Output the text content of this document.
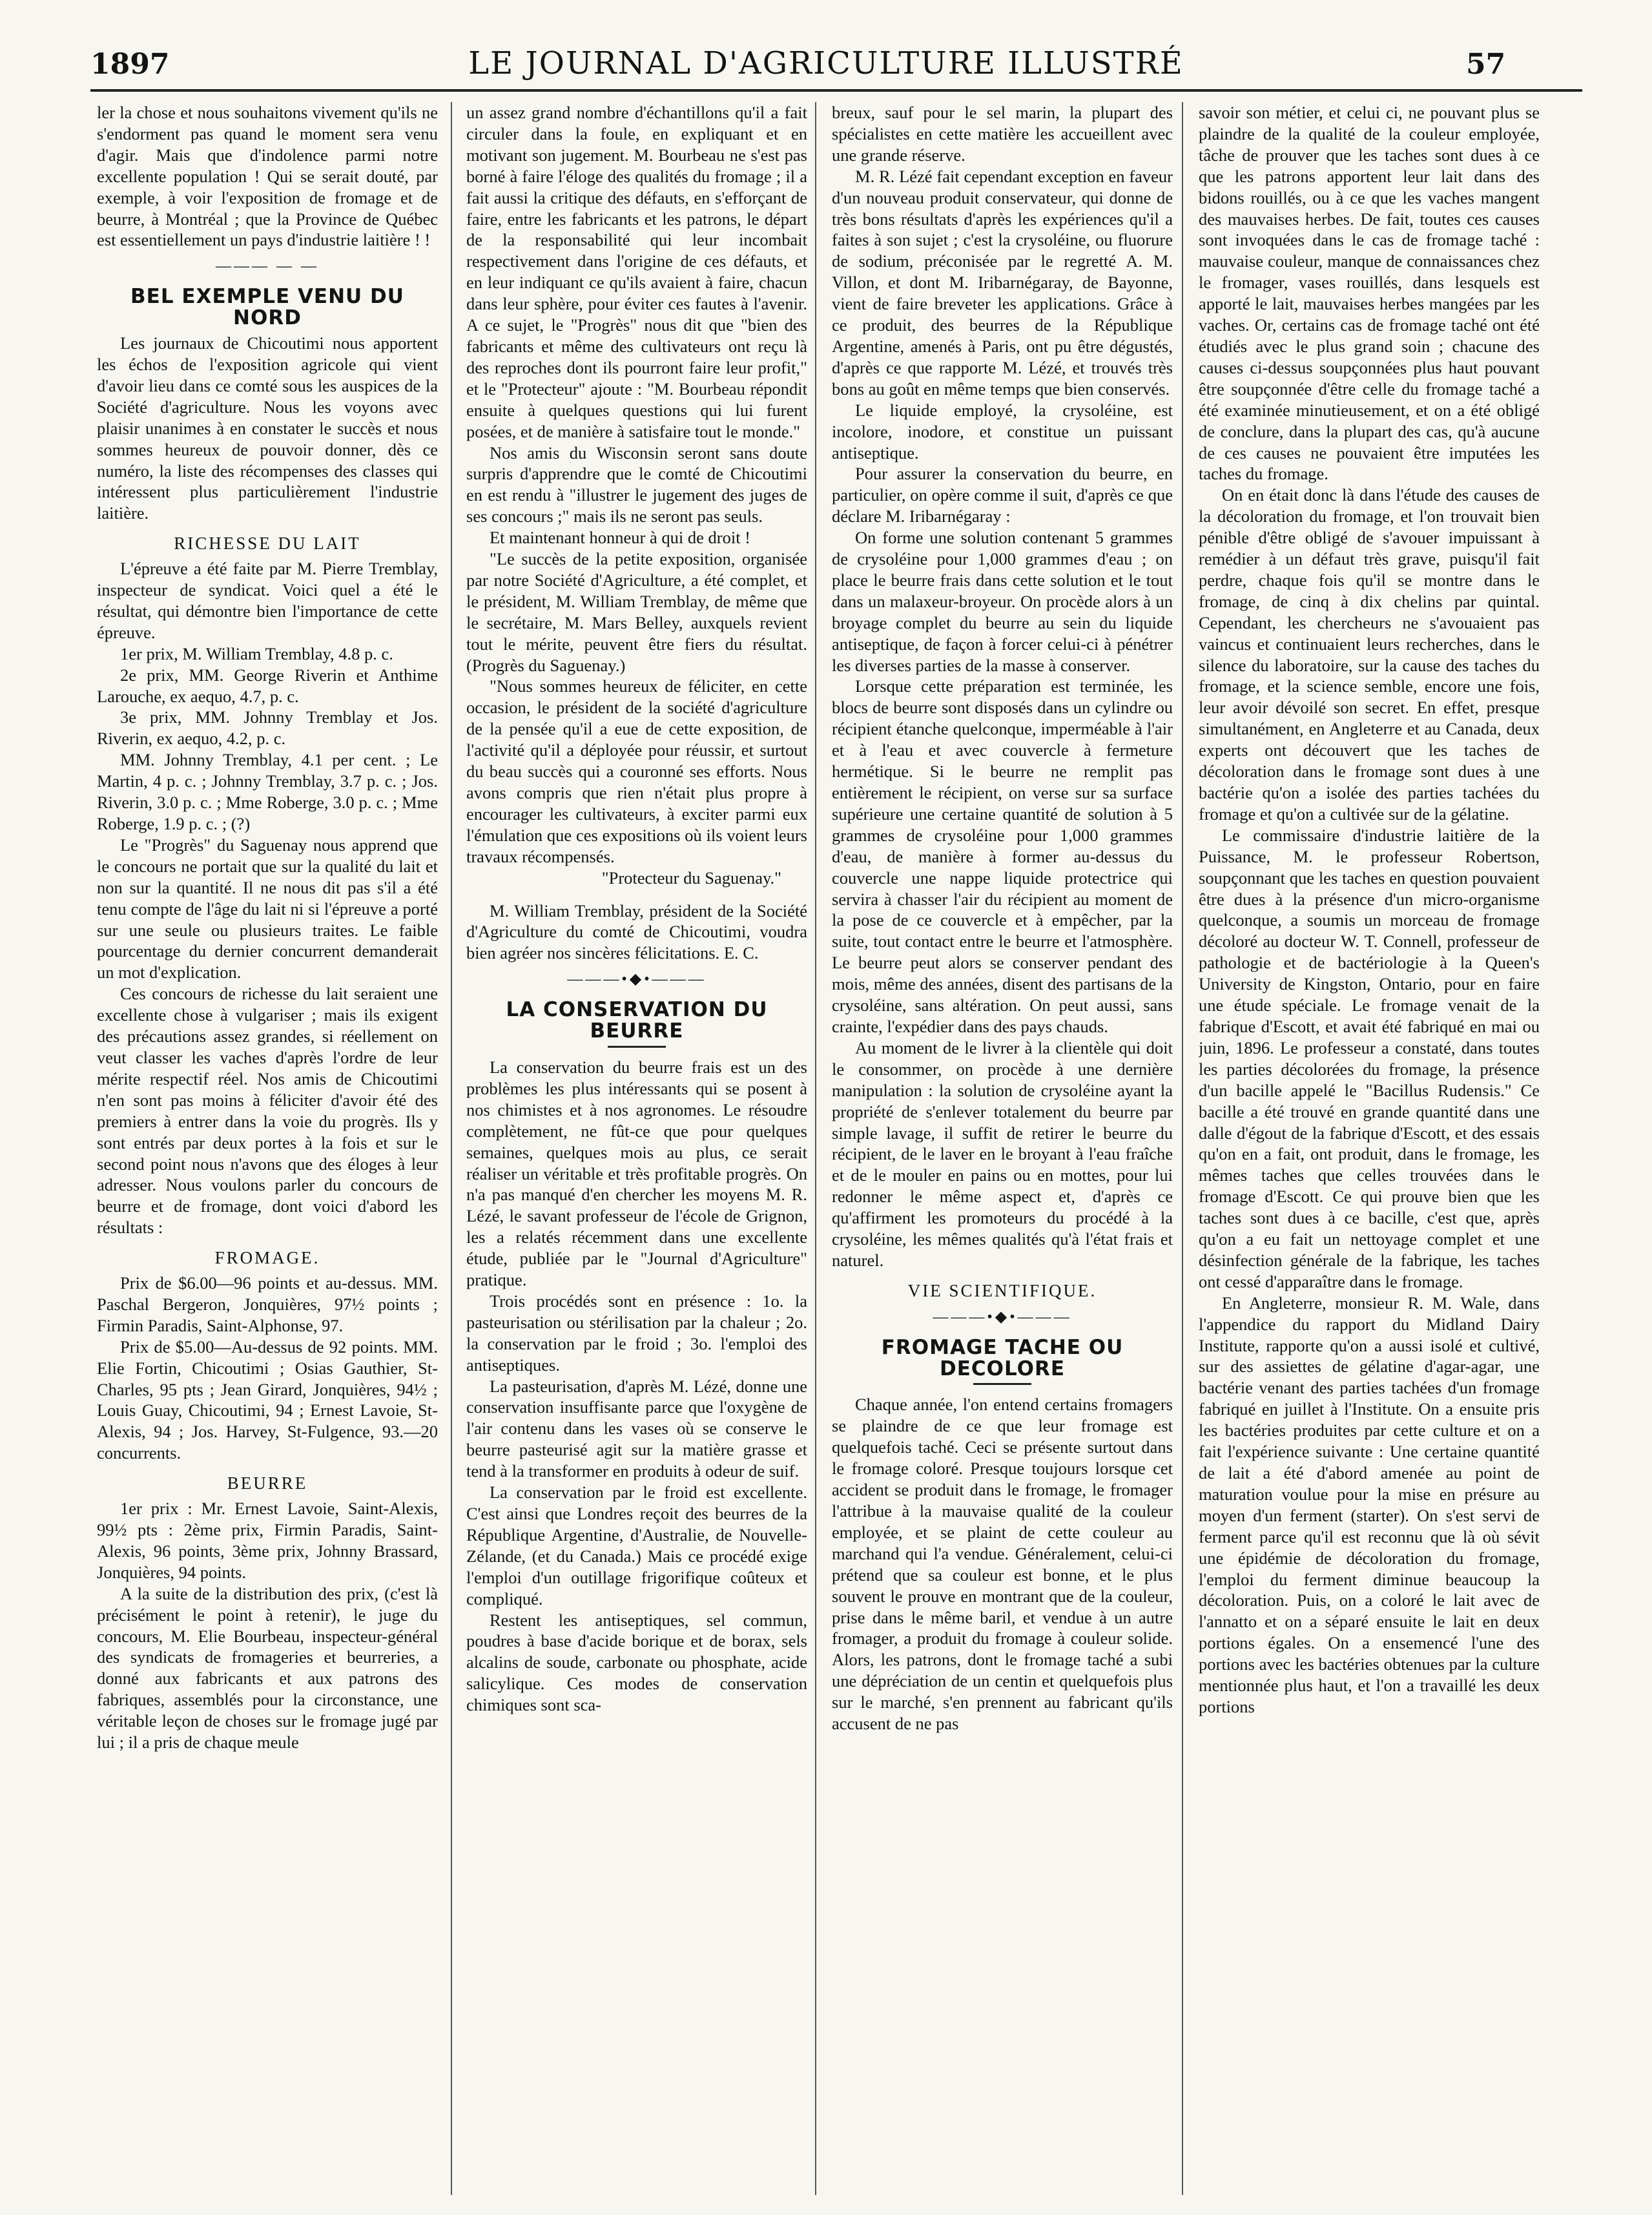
1897	LE JOURNAL D'AGRICULTURE ILLUSTRÉ	57

ler la chose et nous souhaitons vivement qu'ils ne s'endorment pas quand le moment sera venu d'agir. Mais que d'indolence parmi notre excellente population ! Qui se serait douté, par exemple, à voir l'exposition de fromage et de beurre, à Montréal ; que la Province de Québec est essentiellement un pays d'industrie laitière ! !

——— — —
BEL EXEMPLE VENU DU NORD

Les journaux de Chicoutimi nous apportent les échos de l'exposition agricole qui vient d'avoir lieu dans ce comté sous les auspices de la Société d'agriculture. Nous les voyons avec plaisir unanimes à en constater le succès et nous sommes heureux de pouvoir donner, dès ce numéro, la liste des récompenses des classes qui intéressent plus particulièrement l'industrie laitière.

RICHESSE DU LAIT

L'épreuve a été faite par M. Pierre Tremblay, inspecteur de syndicat. Voici quel a été le résultat, qui démontre bien l'importance de cette épreuve.

1er prix, M. William Tremblay, 4.8 p. c.

2e prix, MM. George Riverin et Anthime Larouche, ex aequo, 4.7, p. c.

3e prix, MM. Johnny Tremblay et Jos. Riverin, ex aequo, 4.2, p. c.

MM. Johnny Tremblay, 4.1 per cent. ; Le Martin, 4 p. c. ; Johnny Tremblay, 3.7 p. c. ; Jos. Riverin, 3.0 p. c. ; Mme Roberge, 3.0 p. c. ; Mme Roberge, 1.9 p. c. ; (?)

Le "Progrès" du Saguenay nous apprend que le concours ne portait que sur la qualité du lait et non sur la quantité. Il ne nous dit pas s'il a été tenu compte de l'âge du lait ni si l'épreuve a porté sur une seule ou plusieurs traites. Le faible pourcentage du dernier concurrent demanderait un mot d'explication.

Ces concours de richesse du lait seraient une excellente chose à vulgariser ; mais ils exigent des précautions assez grandes, si réellement on veut classer les vaches d'après l'ordre de leur mérite respectif réel. Nos amis de Chicoutimi n'en sont pas moins à féliciter d'avoir été des premiers à entrer dans la voie du progrès. Ils y sont entrés par deux portes à la fois et sur le second point nous n'avons que des éloges à leur adresser. Nous voulons parler du concours de beurre et de fromage, dont voici d'abord les résultats :

FROMAGE.

Prix de $6.00—96 points et au-dessus. MM. Paschal Bergeron, Jonquières, 97½ points ; Firmin Paradis, Saint-Alphonse, 97.

Prix de $5.00—Au-dessus de 92 points. MM. Elie Fortin, Chicoutimi ; Osias Gauthier, St-Charles, 95 pts ; Jean Girard, Jonquières, 94½ ; Louis Guay, Chicoutimi, 94 ; Ernest Lavoie, St-Alexis, 94 ; Jos. Harvey, St-Fulgence, 93.—20 concurrents.

BEURRE

1er prix : Mr. Ernest Lavoie, Saint-Alexis, 99½ pts : 2ème prix, Firmin Paradis, Saint-Alexis, 96 points, 3ème prix, Johnny Brassard, Jonquières, 94 points.

A la suite de la distribution des prix, (c'est là précisément le point à retenir), le juge du concours, M. Elie Bourbeau, inspecteur-général des syndicats de fromageries et beurreries, a donné aux fabricants et aux patrons des fabriques, assemblés pour la circonstance, une véritable leçon de choses sur le fromage jugé par lui ; il a pris de chaque meule

un assez grand nombre d'échantillons qu'il a fait circuler dans la foule, en expliquant et en motivant son jugement. M. Bourbeau ne s'est pas borné à faire l'éloge des qualités du fromage ; il a fait aussi la critique des défauts, en s'efforçant de faire, entre les fabricants et les patrons, le départ de la responsabilité qui leur incombait respectivement dans l'origine de ces défauts, et en leur indiquant ce qu'ils avaient à faire, chacun dans leur sphère, pour éviter ces fautes à l'avenir. A ce sujet, le "Progrès" nous dit que "bien des fabricants et même des cultivateurs ont reçu là des reproches dont ils pourront faire leur profit," et le "Protecteur" ajoute : "M. Bourbeau répondit ensuite à quelques questions qui lui furent posées, et de manière à satisfaire tout le monde."

Nos amis du Wisconsin seront sans doute surpris d'apprendre que le comté de Chicoutimi en est rendu à "illustrer le jugement des juges de ses concours ;" mais ils ne seront pas seuls.

Et maintenant honneur à qui de droit !

"Le succès de la petite exposition, organisée par notre Société d'Agriculture, a été complet, et le président, M. William Tremblay, de même que le secrétaire, M. Mars Belley, auxquels revient tout le mérite, peuvent être fiers du résultat. (Progrès du Saguenay.)

"Nous sommes heureux de féliciter, en cette occasion, le président de la société d'agriculture de la pensée qu'il a eue de cette exposition, de l'activité qu'il a déployée pour réussir, et surtout du beau succès qui a couronné ses efforts. Nous avons compris que rien n'était plus propre à encourager les cultivateurs, à exciter parmi eux l'émulation que ces expositions où ils voient leurs travaux récompensés.

"Protecteur du Saguenay."

M. William Tremblay, président de la Société d'Agriculture du comté de Chicoutimi, voudra bien agréer nos sincères félicitations. E. C.

———•◆•———
LA CONSERVATION DU BEURRE

La conservation du beurre frais est un des problèmes les plus intéressants qui se posent à nos chimistes et à nos agronomes. Le résoudre complètement, ne fût-ce que pour quelques semaines, quelques mois au plus, ce serait réaliser un véritable et très profitable progrès. On n'a pas manqué d'en chercher les moyens M. R. Lézé, le savant professeur de l'école de Grignon, les a relatés récemment dans une excellente étude, publiée par le "Journal d'Agriculture" pratique.

Trois procédés sont en présence : 1o. la pasteurisation ou stérilisation par la chaleur ; 2o. la conservation par le froid ; 3o. l'emploi des antiseptiques.

La pasteurisation, d'après M. Lézé, donne une conservation insuffisante parce que l'oxygène de l'air contenu dans les vases où se conserve le beurre pasteurisé agit sur la matière grasse et tend à la transformer en produits à odeur de suif.

La conservation par le froid est excellente. C'est ainsi que Londres reçoit des beurres de la République Argentine, d'Australie, de Nouvelle-Zélande, (et du Canada.) Mais ce procédé exige l'emploi d'un outillage frigorifique coûteux et compliqué.

Restent les antiseptiques, sel commun, poudres à base d'acide borique et de borax, sels alcalins de soude, carbonate ou phosphate, acide salicylique. Ces modes de conservation chimiques sont sca-

breux, sauf pour le sel marin, la plupart des spécialistes en cette matière les accueillent avec une grande réserve.

M. R. Lézé fait cependant exception en faveur d'un nouveau produit conservateur, qui donne de très bons résultats d'après les expériences qu'il a faites à son sujet ; c'est la crysoléine, ou fluorure de sodium, préconisée par le regretté A. M. Villon, et dont M. Iribarnégaray, de Bayonne, vient de faire breveter les applications. Grâce à ce produit, des beurres de la République Argentine, amenés à Paris, ont pu être dégustés, d'après ce que rapporte M. Lézé, et trouvés très bons au goût en même temps que bien conservés.

Le liquide employé, la crysoléine, est incolore, inodore, et constitue un puissant antiseptique.

Pour assurer la conservation du beurre, en particulier, on opère comme il suit, d'après ce que déclare M. Iribarnégaray :

On forme une solution contenant 5 grammes de crysoléine pour 1,000 grammes d'eau ; on place le beurre frais dans cette solution et le tout dans un malaxeur-broyeur. On procède alors à un broyage complet du beurre au sein du liquide antiseptique, de façon à forcer celui-ci à pénétrer les diverses parties de la masse à conserver.

Lorsque cette préparation est terminée, les blocs de beurre sont disposés dans un cylindre ou récipient étanche quelconque, imperméable à l'air et à l'eau et avec couvercle à fermeture hermétique. Si le beurre ne remplit pas entièrement le récipient, on verse sur sa surface supérieure une certaine quantité de solution à 5 grammes de crysoléine pour 1,000 grammes d'eau, de manière à former au-dessus du couvercle une nappe liquide protectrice qui servira à chasser l'air du récipient au moment de la pose de ce couvercle et à empêcher, par la suite, tout contact entre le beurre et l'atmosphère. Le beurre peut alors se conserver pendant des mois, même des années, disent des partisans de la crysoléine, sans altération. On peut aussi, sans crainte, l'expédier dans des pays chauds.

Au moment de le livrer à la clientèle qui doit le consommer, on procède à une dernière manipulation : la solution de crysoléine ayant la propriété de s'enlever totalement du beurre par simple lavage, il suffit de retirer le beurre du récipient, de le laver en le broyant à l'eau fraîche et de le mouler en pains ou en mottes, pour lui redonner le même aspect et, d'après ce qu'affirment les promoteurs du procédé à la crysoléine, les mêmes qualités qu'à l'état frais et naturel.

VIE SCIENTIFIQUE.
———•◆•———
FROMAGE TACHE OU DECOLORE

Chaque année, l'on entend certains fromagers se plaindre de ce que leur fromage est quelquefois taché. Ceci se présente surtout dans le fromage coloré. Presque toujours lorsque cet accident se produit dans le fromage, le fromager l'attribue à la mauvaise qualité de la couleur employée, et se plaint de cette couleur au marchand qui l'a vendue. Généralement, celui-ci prétend que sa couleur est bonne, et le plus souvent le prouve en montrant que de la couleur, prise dans le même baril, et vendue à un autre fromager, a produit du fromage à couleur solide. Alors, les patrons, dont le fromage taché a subi une dépréciation de un centin et quelquefois plus sur le marché, s'en prennent au fabricant qu'ils accusent de ne pas

savoir son métier, et celui ci, ne pouvant plus se plaindre de la qualité de la couleur employée, tâche de prouver que les taches sont dues à ce que les patrons apportent leur lait dans des bidons rouillés, ou à ce que les vaches mangent des mauvaises herbes. De fait, toutes ces causes sont invoquées dans le cas de fromage taché : mauvaise couleur, manque de connaissances chez le fromager, vases rouillés, dans lesquels est apporté le lait, mauvaises herbes mangées par les vaches. Or, certains cas de fromage taché ont été étudiés avec le plus grand soin ; chacune des causes ci-dessus soupçonnées plus haut pouvant être soupçonnée d'être celle du fromage taché a été examinée minutieusement, et on a été obligé de conclure, dans la plupart des cas, qu'à aucune de ces causes ne pouvaient être imputées les taches du fromage.

On en était donc là dans l'étude des causes de la décoloration du fromage, et l'on trouvait bien pénible d'être obligé de s'avouer impuissant à remédier à un défaut très grave, puisqu'il fait perdre, chaque fois qu'il se montre dans le fromage, de cinq à dix chelins par quintal. Cependant, les chercheurs ne s'avouaient pas vaincus et continuaient leurs recherches, dans le silence du laboratoire, sur la cause des taches du fromage, et la science semble, encore une fois, leur avoir dévoilé son secret. En effet, presque simultanément, en Angleterre et au Canada, deux experts ont découvert que les taches de décoloration dans le fromage sont dues à une bactérie qu'on a isolée des parties tachées du fromage et qu'on a cultivée sur de la gélatine.

Le commissaire d'industrie laitière de la Puissance, M. le professeur Robertson, soupçonnant que les taches en question pouvaient être dues à la présence d'un micro-organisme quelconque, a soumis un morceau de fromage décoloré au docteur W. T. Connell, professeur de pathologie et de bactériologie à la Queen's University de Kingston, Ontario, pour en faire une étude spéciale. Le fromage venait de la fabrique d'Escott, et avait été fabriqué en mai ou juin, 1896. Le professeur a constaté, dans toutes les parties décolorées du fromage, la présence d'un bacille appelé le "Bacillus Rudensis." Ce bacille a été trouvé en grande quantité dans une dalle d'égout de la fabrique d'Escott, et des essais qu'on en a fait, ont produit, dans le fromage, les mêmes taches que celles trouvées dans le fromage d'Escott. Ce qui prouve bien que les taches sont dues à ce bacille, c'est que, après qu'on a eu fait un nettoyage complet et une désinfection générale de la fabrique, les taches ont cessé d'apparaître dans le fromage.

En Angleterre, monsieur R. M. Wale, dans l'appendice du rapport du Midland Dairy Institute, rapporte qu'on a aussi isolé et cultivé, sur des assiettes de gélatine d'agar-agar, une bactérie venant des parties tachées d'un fromage fabriqué en juillet à l'Institute. On a ensuite pris les bactéries produites par cette culture et on a fait l'expérience suivante : Une certaine quantité de lait a été d'abord amenée au point de maturation voulue pour la mise en présure au moyen d'un ferment (starter). On s'est servi de ferment parce qu'il est reconnu que là où sévit une épidémie de décoloration du fromage, l'emploi du ferment diminue beaucoup la décoloration. Puis, on a coloré le lait avec de l'annatto et on a séparé ensuite le lait en deux portions égales. On a ensemencé l'une des portions avec les bactéries obtenues par la culture mentionnée plus haut, et l'on a travaillé les deux portions
